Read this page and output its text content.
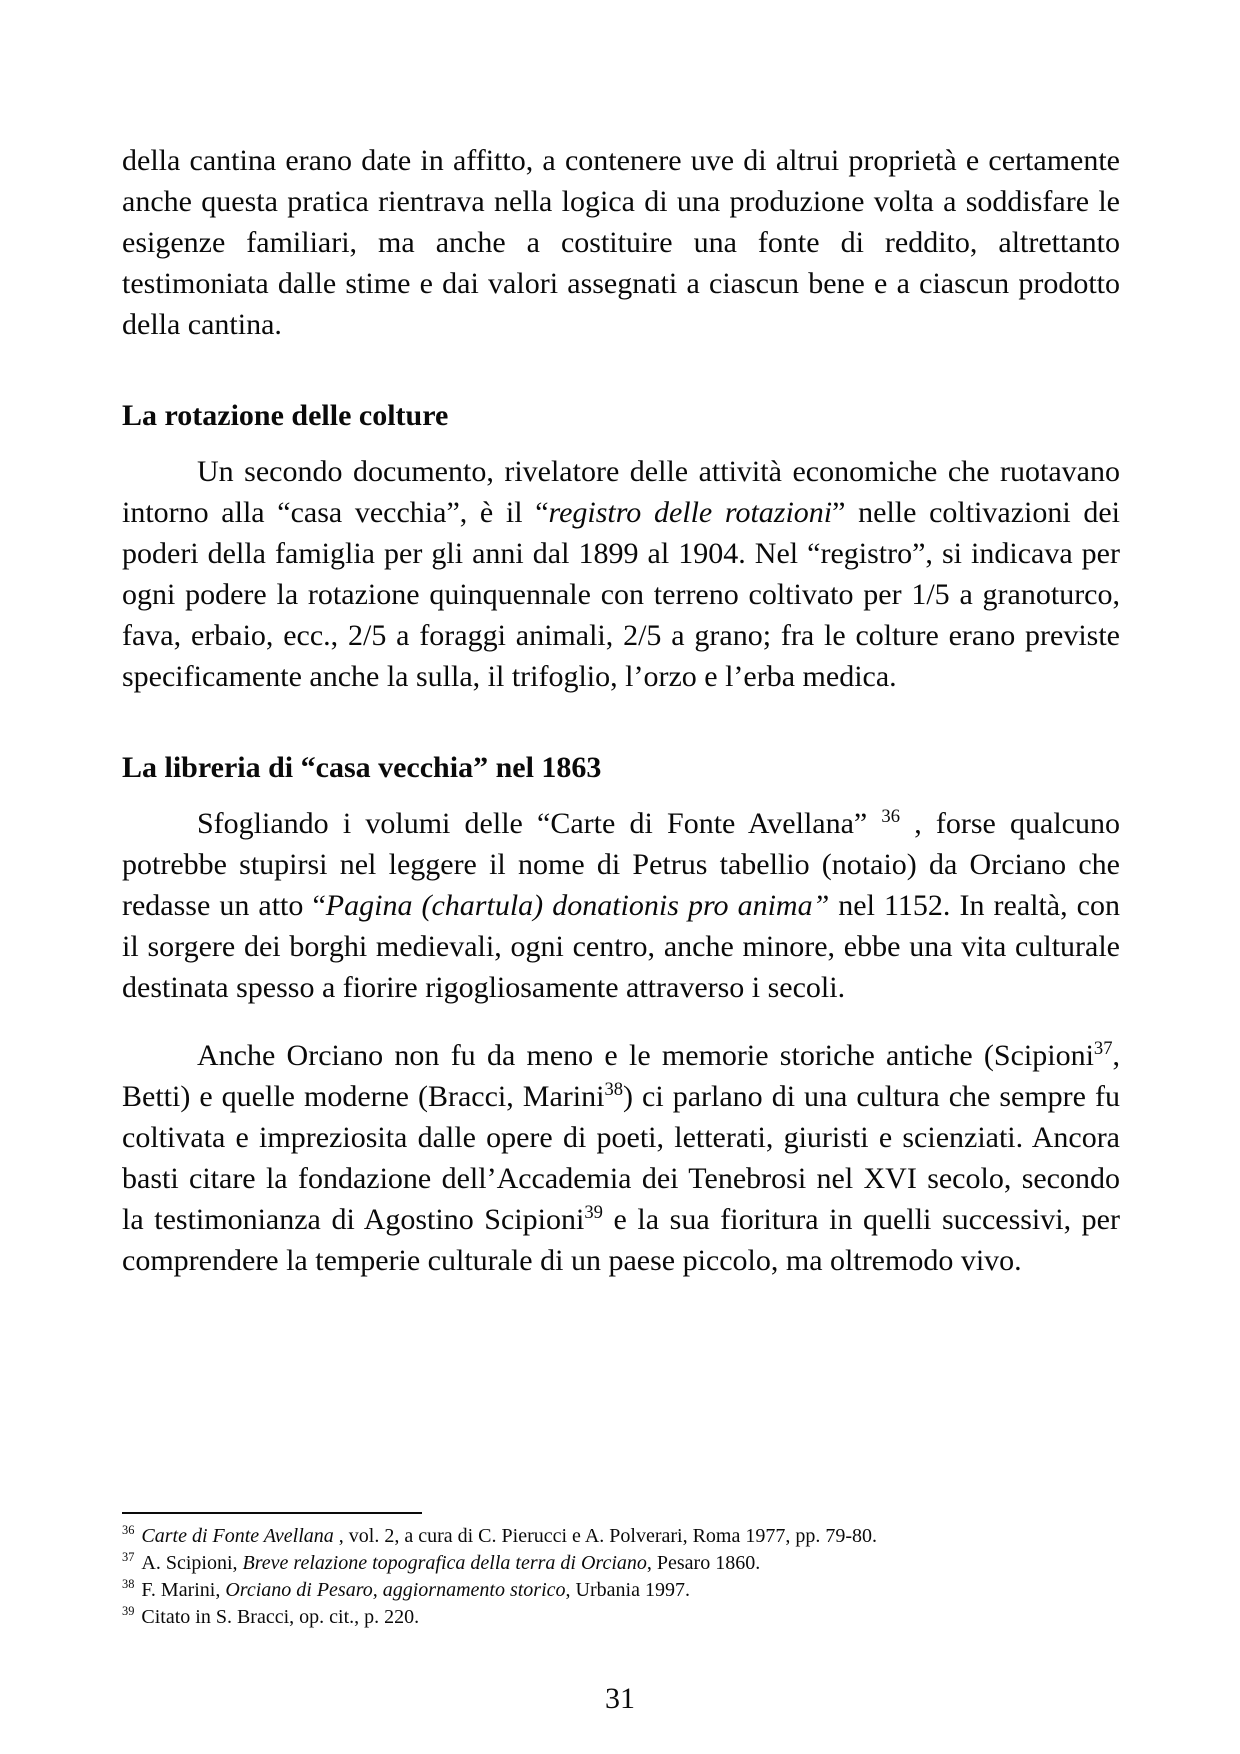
della cantina erano date in affitto, a contenere uve di altrui proprietà e certamente anche questa pratica rientrava nella logica di una produzione volta a soddisfare le esigenze familiari, ma anche a costituire una fonte di reddito, altrettanto testimoniata dalle stime e dai valori assegnati a ciascun bene e a ciascun prodotto della cantina.

La rotazione delle colture

Un secondo documento, rivelatore delle attività economiche che ruotavano intorno alla “casa vecchia”, è il “registro delle rotazioni” nelle coltivazioni dei poderi della famiglia per gli anni dal 1899 al 1904. Nel “registro”, si indicava per ogni podere la rotazione quinquennale con terreno coltivato per 1/5 a granoturco, fava, erbaio, ecc., 2/5 a foraggi animali, 2/5 a grano; fra le colture erano previste specificamente anche la sulla, il trifoglio, l’orzo e l’erba medica.

La libreria di “casa vecchia” nel 1863

Sfogliando i volumi delle “Carte di Fonte Avellana” $^{36}$ , forse qualcuno potrebbe stupirsi nel leggere il nome di Petrus tabellio (notaio) da Orciano che redasse un atto “Pagina (chartula) donationis pro anima” nel 1152. In realtà, con il sorgere dei borghi medievali, ogni centro, anche minore, ebbe una vita culturale destinata spesso a fiorire rigogliosamente attraverso i secoli.

Anche Orciano non fu da meno e le memorie storiche antiche (Scipioni$^{37}$, Betti) e quelle moderne (Bracci, Marini$^{38}$) ci parlano di una cultura che sempre fu coltivata e impreziosita dalle opere di poeti, letterati, giuristi e scienziati. Ancora basti citare la fondazione dell’Accademia dei Tenebrosi nel XVI secolo, secondo la testimonianza di Agostino Scipioni$^{39}$ e la sua fioritura in quelli successivi, per comprendere la temperie culturale di un paese piccolo, ma oltremodo vivo.

$^{36}$ Carte di Fonte Avellana , vol. 2, a cura di C. Pierucci e A. Polverari, Roma 1977, pp. 79-80.

$^{37}$ A. Scipioni, Breve relazione topografica della terra di Orciano, Pesaro 1860.

$^{38}$ F. Marini, Orciano di Pesaro, aggiornamento storico, Urbania 1997.

$^{39}$ Citato in S. Bracci, op. cit., p. 220.

31
